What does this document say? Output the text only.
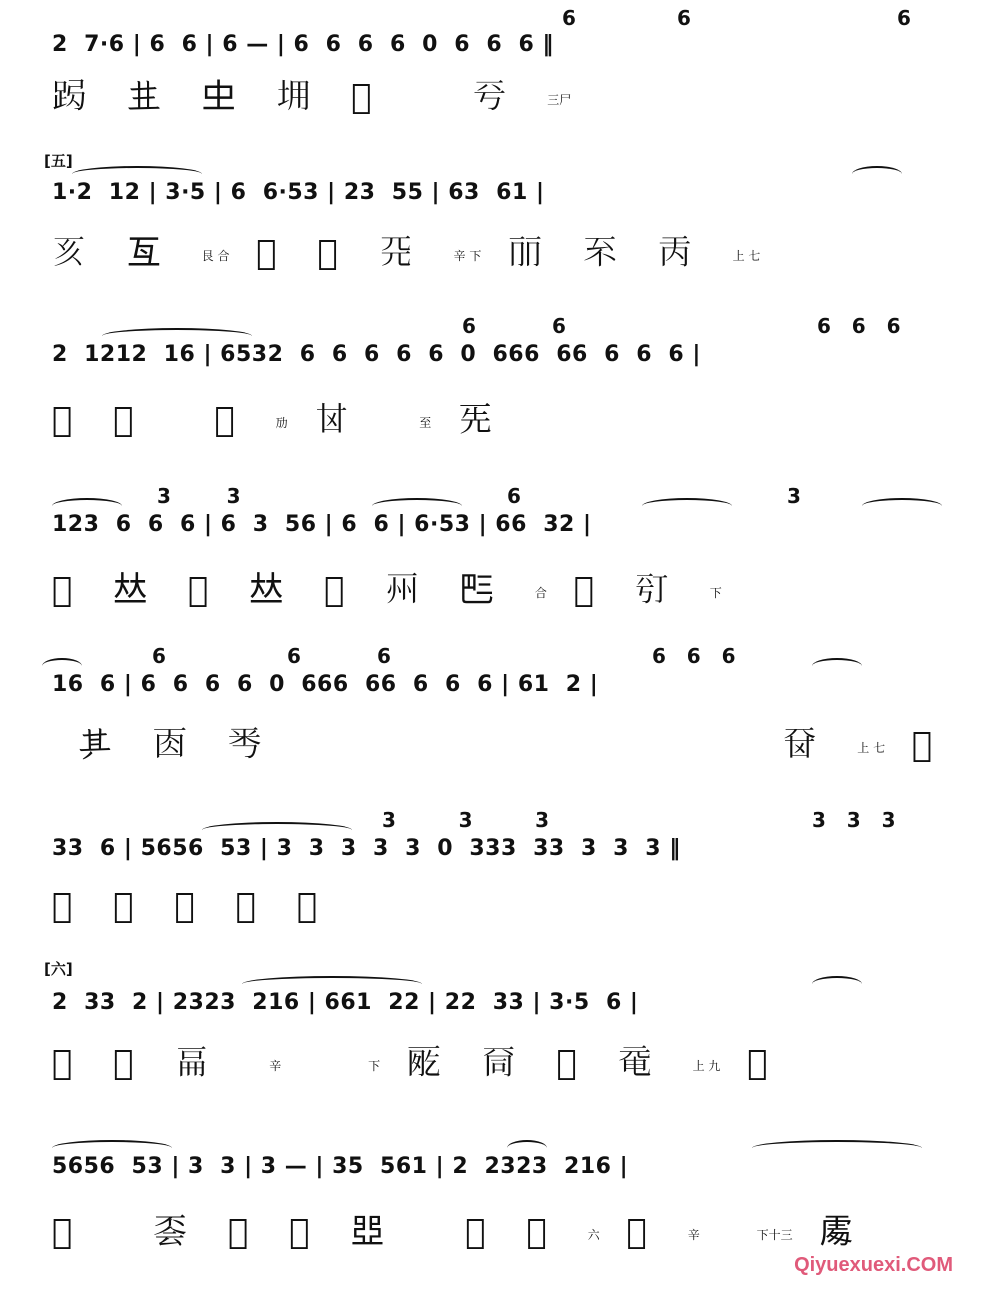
6	6	6
2  7·6 | 6  6 | 6 — | 6  6  6  6  0  6  6  6 ‖
𨀇 𠀎 𠀐 𡊤 𠀑	𠀒	三尸
[五]
1·2  12 | 3·5 | 6  6·53 | 23  55 | 63  61 |
𠀔 𠀕	艮 合 𠀖 𠀗 𠀘	辛 下 𠀙 𠀚 𠀛	上 七
6	6	6   6   6
2  1212  16 | 6532  6  6  6  6  6  0  666  66  6  6  6 |
𠀝 𠀞 𠀟	劢 𠀠	至 𠀡
3        3	6	3
123  6  6  6 | 6  3  56 | 6  6 | 6·53 | 66  32 |
𠀣 𠀤 𠀥 𠀤 𠀥 𠀦 𠀧	合 𠀨 𠀩	下
6	6	6	6   6   6
16  6 | 6  6  6  6  0  666  66  6  6  6 | 61  2 |
𠀫 𠀬 𠀭	𠀮	上 七 𠀯
3         3         3	3   3   3
33  6 | 5656  53 | 3  3  3  3  3  0  333  33  3  3  3 ‖
𠀰 𠀱 𠀲 𠀳 𠀴
[六]
2  33  2 | 2323  216 | 661  22 | 22  33 | 3·5  6 |
𠀵 𠀶 𠀷	辛	下 𠀸 𠀹 𠀺 𠀻	上 九 𠀼
5656  53 | 3  3 | 3 — | 35  561 | 2  2323  216 |
𠀽 𠀾 𠀿 𠁀 𠁁 𠁂 𠁃	六 𠁄	辛	下十三 𠁅
Qiyuexuexi.COM
